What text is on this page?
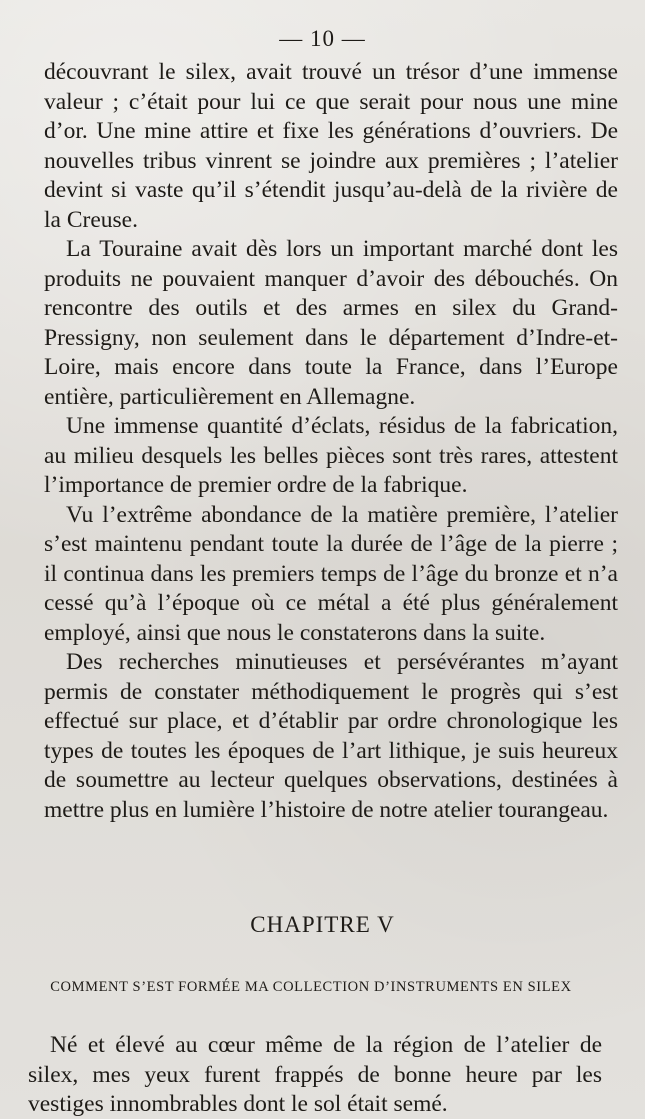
— 10 —

découvrant le silex, avait trouvé un trésor d’une immense valeur ; c’était pour lui ce que serait pour nous une mine d’or. Une mine attire et fixe les générations d’ouvriers. De nouvelles tribus vinrent se joindre aux premières ; l’atelier devint si vaste qu’il s’étendit jusqu’au-delà de la rivière de la Creuse.

La Touraine avait dès lors un important marché dont les produits ne pouvaient manquer d’avoir des débouchés. On rencontre des outils et des armes en silex du Grand-Pressigny, non seulement dans le département d’Indre-et-Loire, mais encore dans toute la France, dans l’Europe entière, particulièrement en Allemagne.

Une immense quantité d’éclats, résidus de la fabrication, au milieu desquels les belles pièces sont très rares, attestent l’importance de premier ordre de la fabrique.

Vu l’extrême abondance de la matière première, l’atelier s’est maintenu pendant toute la durée de l’âge de la pierre ; il continua dans les premiers temps de l’âge du bronze et n’a cessé qu’à l’époque où ce métal a été plus généralement employé, ainsi que nous le constaterons dans la suite.

Des recherches minutieuses et persévérantes m’ayant permis de constater méthodiquement le progrès qui s’est effectué sur place, et d’établir par ordre chronologique les types de toutes les époques de l’art lithique, je suis heureux de soumettre au lecteur quelques observations, destinées à mettre plus en lumière l’histoire de notre atelier tourangeau.

CHAPITRE V
COMMENT S’EST FORMÉE MA COLLECTION D’INSTRUMENTS EN SILEX

Né et élevé au cœur même de la région de l’atelier de silex, mes yeux furent frappés de bonne heure par les vestiges innombrables dont le sol était semé.
